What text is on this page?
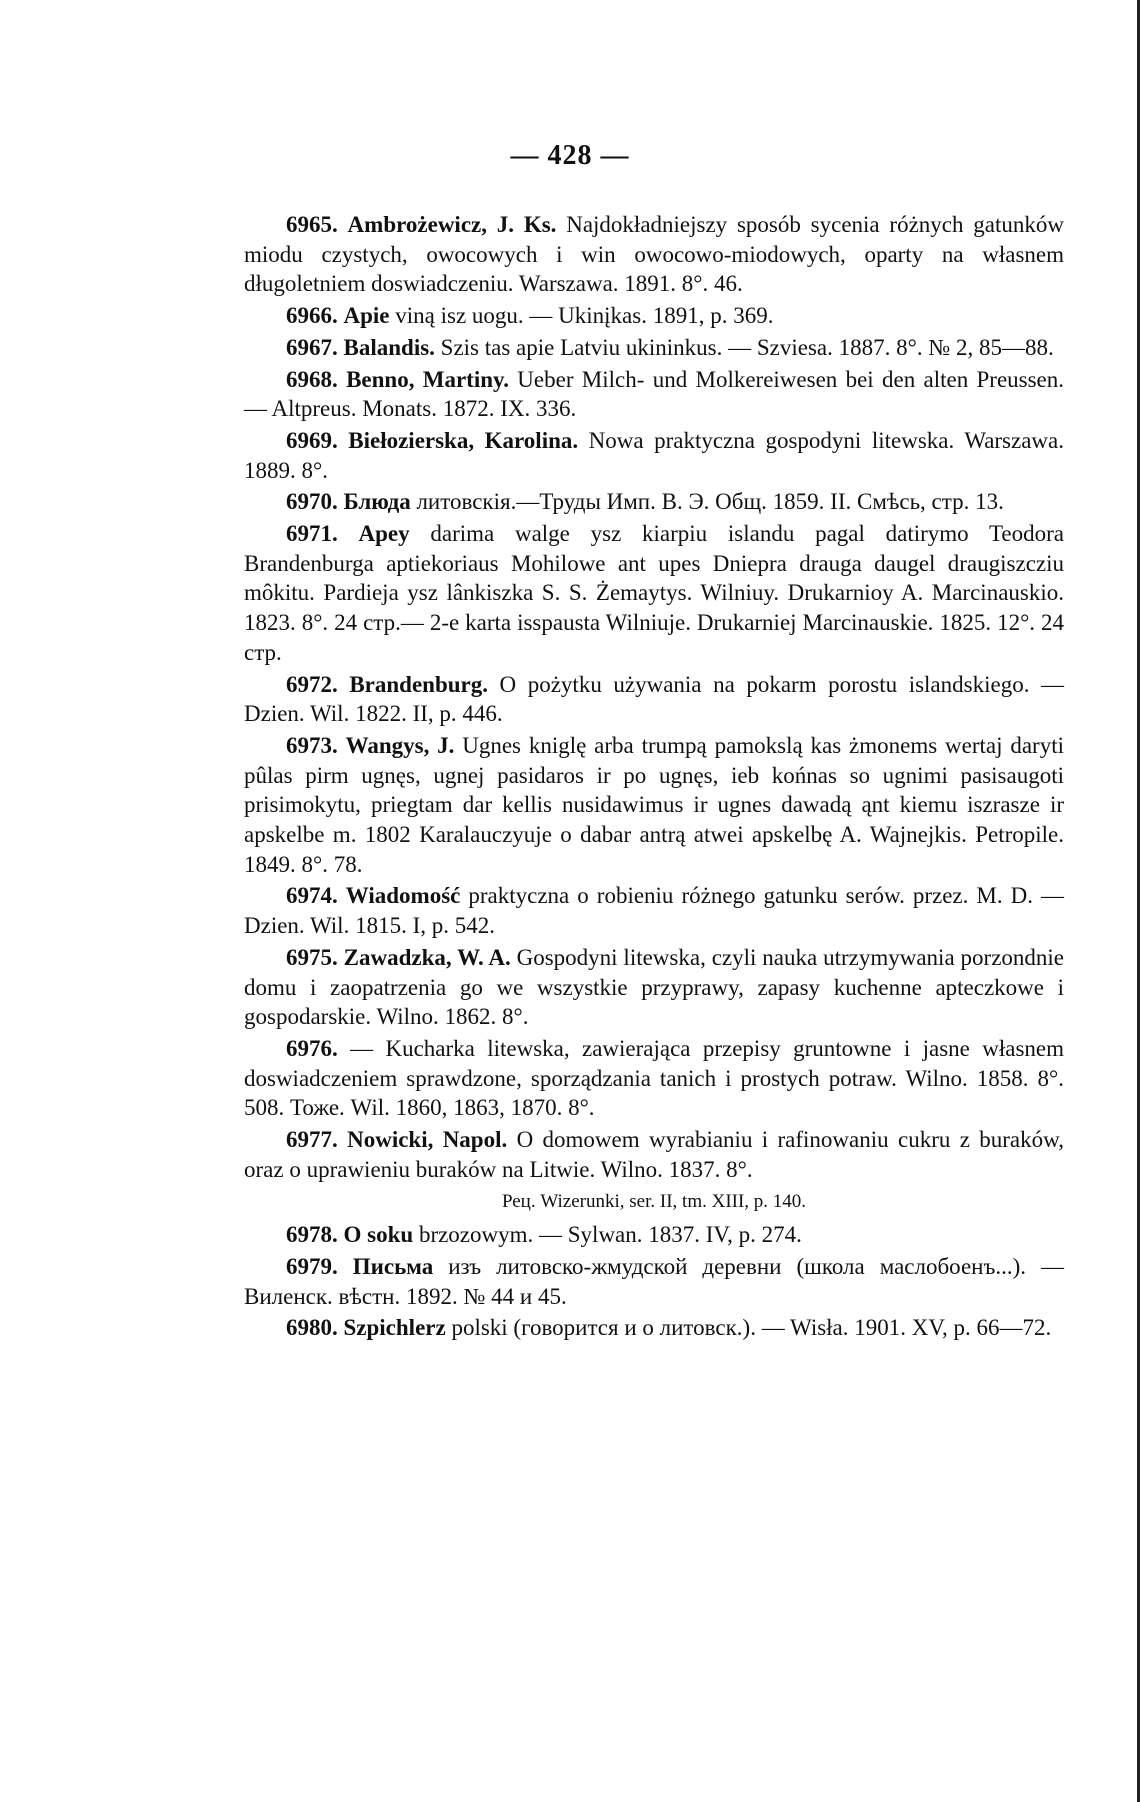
— 428 —

6965. Ambrożewicz, J. Ks. Najdokładniejszy sposób sycenia różnych gatunków miodu czystych, owocowych i win owocowo-miodowych, oparty na własnem długoletniem doswiadczeniu. Warszawa. 1891. 8°. 46.

6966. Apie viną isz uogu. — Ukinįkas. 1891, p. 369.

6967. Balandis. Szis tas apie Latviu ukininkus. — Szviesa. 1887. 8°. № 2, 85—88.

6968. Benno, Martiny. Ueber Milch- und Molkereiwesen bei den alten Preussen. — Altpreus. Monats. 1872. IX. 336.

6969. Biełozierska, Karolina. Nowa praktyczna gospodyni litewska. Warszawa. 1889. 8°.

6970. Блюда литовскія.—Труды Имп. В. Э. Общ. 1859. II. Смѣсь, стр. 13.

6971. Apey darima walge ysz kiarpiu islandu pagal datirymo Teodora Brandenburga aptiekoriaus Mohilowe ant upes Dniepra drauga daugel draugiszcziu môkitu. Pardieja ysz lânkiszka S. S. Żemaytys. Wilniuy. Drukarnioy A. Marcinauskio. 1823. 8°. 24 стр.— 2-e karta isspausta Wilniuje. Drukarniej Marcinauskie. 1825. 12°. 24 стр.

6972. Brandenburg. O pożytku używania na pokarm porostu islandskiego. — Dzien. Wil. 1822. II, p. 446.

6973. Wangys, J. Ugnes kniglę arba trumpą pamokslą kas żmonems wertaj daryti pûlas pirm ugnęs, ugnej pasidaros ir po ugnęs, ieb końnas so ugnimi pasisaugoti prisimokytu, priegtam dar kellis nusidawimus ir ugnes dawadą ąnt kiemu iszrasze ir apskelbe m. 1802 Karalauczyuje o dabar antrą atwei apskelbę A. Wajnejkis. Petropile. 1849. 8°. 78.

6974. Wiadomość praktyczna o robieniu różnego gatunku serów. przez. M. D. — Dzien. Wil. 1815. I, p. 542.

6975. Zawadzka, W. A. Gospodyni litewska, czyli nauka utrzymywania porzondnie domu i zaopatrzenia go we wszystkie przyprawy, zapasy kuchenne apteczkowe i gospodarskie. Wilno. 1862. 8°.

6976. — Kucharka litewska, zawierająca przepisy gruntowne i jasne własnem doswiadczeniem sprawdzone, sporządzania tanich i prostych potraw. Wilno. 1858. 8°. 508. Тоже. Wil. 1860, 1863, 1870. 8°.

6977. Nowicki, Napol. O domowem wyrabianiu i rafinowaniu cukru z buraków, oraz o uprawieniu buraków na Litwie. Wilno. 1837. 8°.

Рец. Wizerunki, ser. II, tm. XIII, p. 140.

6978. O soku brzozowym. — Sylwan. 1837. IV, p. 274.

6979. Письма изъ литовско-жмудской деревни (школа маслобоенъ...). — Виленск. вѣстн. 1892. № 44 и 45.

6980. Szpichlerz polski (говорится и о литовск.). — Wisła. 1901. XV, p. 66—72.
